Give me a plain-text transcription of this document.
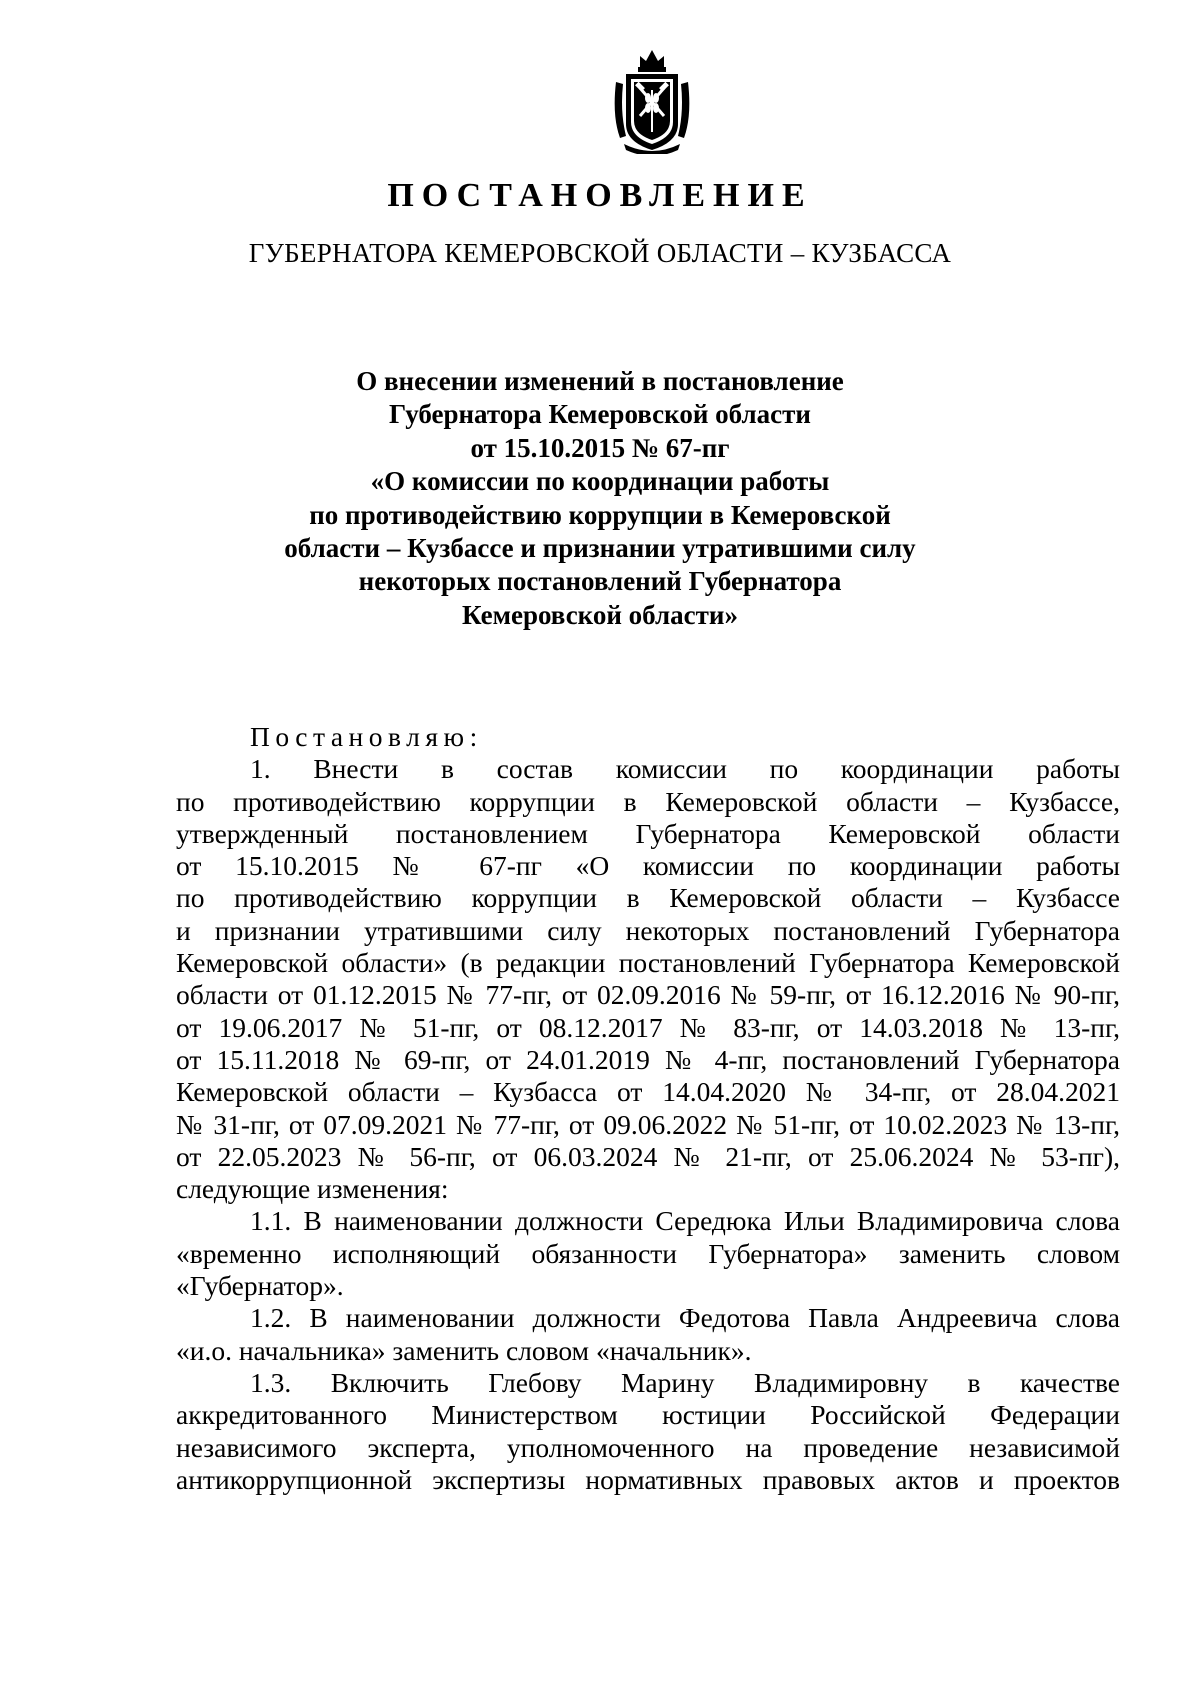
ПОСТАНОВЛЕНИЕ
ГУБЕРНАТОРА КЕМЕРОВСКОЙ ОБЛАСТИ – КУЗБАССА
О внесении изменений в постановление
Губернатора Кемеровской области
от 15.10.2015 № 67-пг
«О комиссии по координации работы
по противодействию коррупции в Кемеровской
области – Кузбассе и признании утратившими силу
некоторых постановлений Губернатора
Кемеровской области»
Постановляю:
1. Внести в состав комиссии по координации работы
по противодействию коррупции в Кемеровской области – Кузбассе,
утвержденный постановлением Губернатора Кемеровской области
от 15.10.2015 № 67-пг «О комиссии по координации работы
по противодействию коррупции в Кемеровской области – Кузбассе
и признании утратившими силу некоторых постановлений Губернатора
Кемеровской области» (в редакции постановлений Губернатора Кемеровской
области от 01.12.2015 № 77-пг, от 02.09.2016 № 59-пг, от 16.12.2016 № 90-пг,
от 19.06.2017 № 51-пг, от 08.12.2017 № 83-пг, от 14.03.2018 № 13-пг,
от 15.11.2018 № 69-пг, от 24.01.2019 № 4-пг, постановлений Губернатора
Кемеровской области – Кузбасса от 14.04.2020 № 34-пг, от 28.04.2021
№ 31-пг, от 07.09.2021 № 77-пг, от 09.06.2022 № 51-пг, от 10.02.2023 № 13-пг,
от 22.05.2023 № 56-пг, от 06.03.2024 № 21-пг, от 25.06.2024 № 53-пг),
следующие изменения:
1.1. В наименовании должности Середюка Ильи Владимировича слова
«временно исполняющий обязанности Губернатора» заменить словом
«Губернатор».
1.2. В наименовании должности Федотова Павла Андреевича слова
«и.о. начальника» заменить словом «начальник».
1.3. Включить Глебову Марину Владимировну в качестве
аккредитованного Министерством юстиции Российской Федерации
независимого эксперта, уполномоченного на проведение независимой
антикоррупционной экспертизы нормативных правовых актов и проектов
